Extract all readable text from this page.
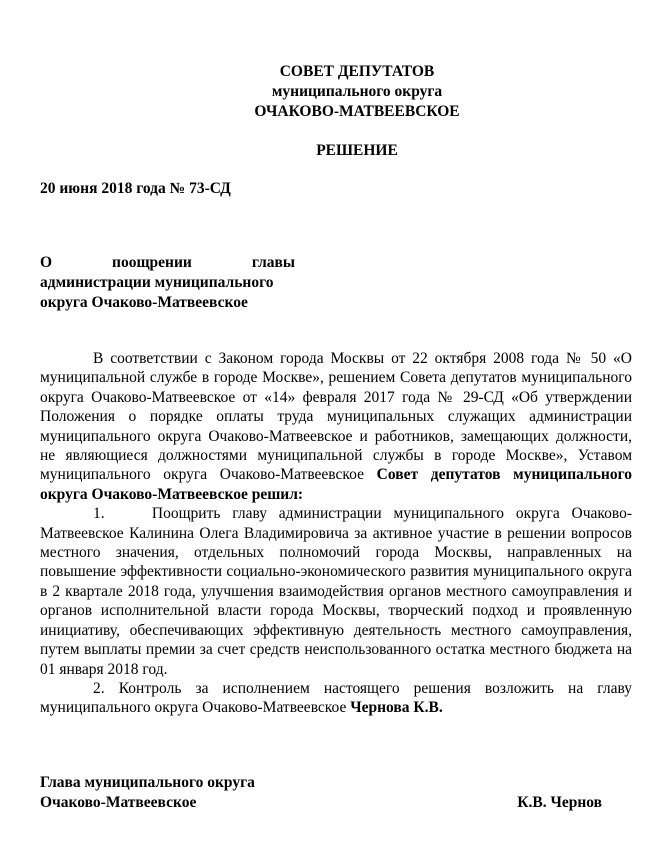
СОВЕТ ДЕПУТАТОВ
муниципального округа
ОЧАКОВО-МАТВЕЕВСКОЕ
РЕШЕНИЕ
20 июня 2018 года № 73-СД
О	поощрении	главы
администрации муниципального
округа Очаково-Матвеевское

В соответствии с Законом города Москвы от 22 октября 2008 года № 50 «О муниципальной службе в городе Москве», решением Совета депутатов муниципального округа Очаково-Матвеевское от «14» февраля 2017 года № 29-СД «Об утверждении Положения о порядке оплаты труда муниципальных служащих администрации муниципального округа Очаково-Матвеевское и работников, замещающих должности, не являющиеся должностями муниципальной службы в городе Москве», Уставом муниципального округа Очаково-Матвеевское Совет депутатов муниципального округа Очаково-Матвеевское решил:

1.	Поощрить главу администрации муниципального округа Очаково-Матвеевское Калинина Олега Владимировича за активное участие в решении вопросов местного значения, отдельных полномочий города Москвы, направленных на повышение эффективности социально-экономического развития муниципального округа в 2 квартале 2018 года, улучшения взаимодействия органов местного самоуправления и органов исполнительной власти города Москвы, творческий подход и проявленную инициативу, обеспечивающих эффективную деятельность местного самоуправления, путем выплаты премии за счет средств неиспользованного остатка местного бюджета на 01 января 2018 год.

2. Контроль за исполнением настоящего решения возложить на главу муниципального округа Очаково-Матвеевское Чернова К.В.

Глава муниципального округа
Очаково-Матвеевское	К.В. Чернов
